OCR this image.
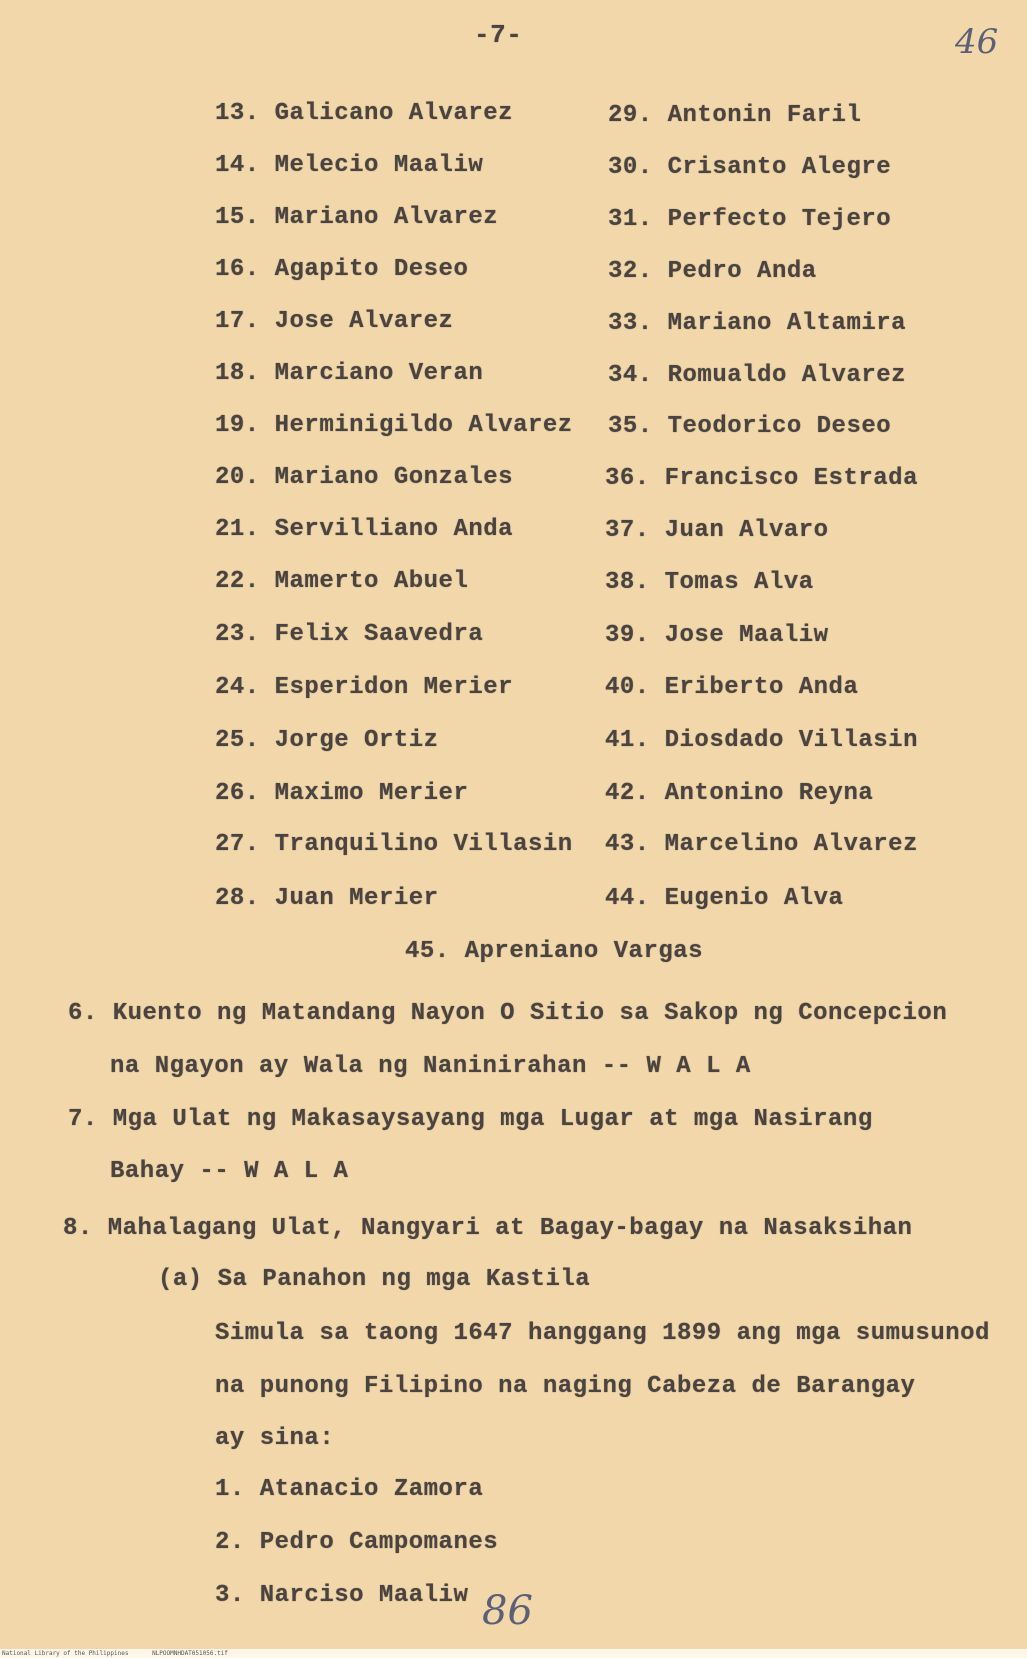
-7-	46
13. Galicano Alvarez
14. Melecio Maaliw
15. Mariano Alvarez
16. Agapito Deseo
17. Jose Alvarez
18. Marciano Veran
19. Herminigildo Alvarez
20. Mariano Gonzales
21. Servilliano Anda
22. Mamerto Abuel
23. Felix Saavedra
24. Esperidon Merier
25. Jorge Ortiz
26. Maximo Merier
27. Tranquilino Villasin
28. Juan Merier
29. Antonin Faril
30. Crisanto Alegre
31. Perfecto Tejero
32. Pedro Anda
33. Mariano Altamira
34. Romualdo Alvarez
35. Teodorico Deseo
36. Francisco Estrada
37. Juan Alvaro
38. Tomas Alva
39. Jose Maaliw
40. Eriberto Anda
41. Diosdado Villasin
42. Antonino Reyna
43. Marcelino Alvarez
44. Eugenio Alva
45. Apreniano Vargas
6. Kuento ng Matandang Nayon O Sitio sa Sakop ng Concepcion
na Ngayon ay Wala ng Naninirahan -- W A L A
7. Mga Ulat ng Makasaysayang mga Lugar at mga Nasirang
Bahay -- W A L A
8. Mahalagang Ulat, Nangyari at Bagay-bagay na Nasaksihan
(a) Sa Panahon ng mga Kastila
Simula sa taong 1647 hanggang 1899 ang mga sumusunod
na punong Filipino na naging Cabeza de Barangay
ay sina:
1. Atanacio Zamora
2. Pedro Campomanes
3. Narciso Maaliw 86
National Library of the Philippines	NLPOOMNHDAT051056.tif
